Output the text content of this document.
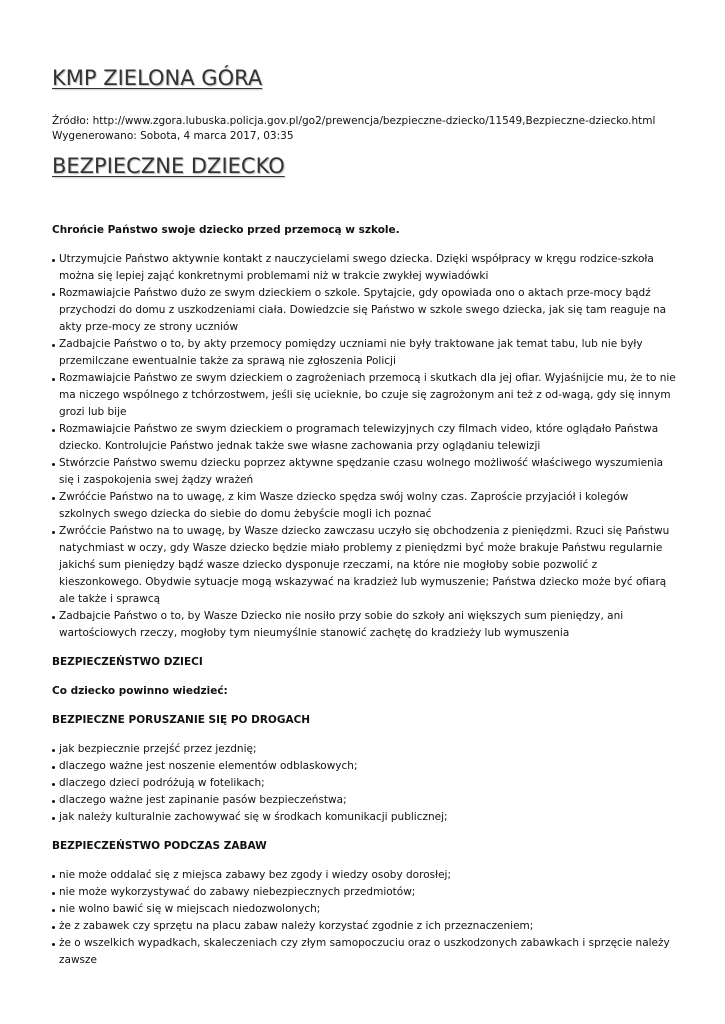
KMP ZIELONA GÓRA
Źródło: http://www.zgora.lubuska.policja.gov.pl/go2/prewencja/bezpieczne-dziecko/11549,Bezpieczne-dziecko.html
Wygenerowano: Sobota, 4 marca 2017, 03:35
BEZPIECZNE DZIECKO

Chrońcie Państwo swoje dziecko przed przemocą w szkole.

Utrzymujcie Państwo aktywnie kontakt z nauczycielami swego dziecka. Dzięki współpracy w kręgu rodzice-szkoła można się lepiej zająć konkretnymi problemami niż w trakcie zwykłej wywiadówki
Rozmawiajcie Państwo dużo ze swym dzieckiem o szkole. Spytajcie, gdy opowiada ono o aktach prze-mocy bądź przychodzi do domu z uszkodzeniami ciała. Dowiedzcie się Państwo w szkole swego dziecka, jak się tam reaguje na akty prze-mocy ze strony uczniów
Zadbajcie Państwo o to, by akty przemocy pomiędzy uczniami nie były traktowane jak temat tabu, lub nie były przemilczane ewentualnie także za sprawą nie zgłoszenia Policji
Rozmawiajcie Państwo ze swym dzieckiem o zagrożeniach przemocą i skutkach dla jej ofiar. Wyjaśnijcie mu, że to nie ma niczego wspólnego z tchórzostwem, jeśli się ucieknie, bo czuje się zagrożonym ani też z od-wagą, gdy się innym grozi lub bije
Rozmawiajcie Państwo ze swym dzieckiem o programach telewizyjnych czy filmach video, które oglądało Państwa dziecko. Kontrolujcie Państwo jednak także swe własne zachowania przy oglądaniu telewizji
Stwórzcie Państwo swemu dziecku poprzez aktywne spędzanie czasu wolnego możliwość właściwego wyszumienia się i zaspokojenia swej żądzy wrażeń
Zwróćcie Państwo na to uwagę, z kim Wasze dziecko spędza swój wolny czas. Zaproście przyjaciół i kolegów szkolnych swego dziecka do siebie do domu żebyście mogli ich poznać
Zwróćcie Państwo na to uwagę, by Wasze dziecko zawczasu uczyło się obchodzenia z pieniędzmi. Rzuci się Państwu natychmiast w oczy, gdy Wasze dziecko będzie miało problemy z pieniędzmi być może brakuje Państwu regularnie jakichś sum pieniędzy bądź wasze dziecko dysponuje rzeczami, na które nie mogłoby sobie pozwolić z kieszonkowego. Obydwie sytuacje mogą wskazywać na kradzież lub wymuszenie; Państwa dziecko może być ofiarą ale także i sprawcą
Zadbajcie Państwo o to, by Wasze Dziecko nie nosiło przy sobie do szkoły ani większych sum pieniędzy, ani wartościowych rzeczy, mogłoby tym nieumyślnie stanowić zachętę do kradzieży lub wymuszenia

BEZPIECZEŃSTWO DZIECI

Co dziecko powinno wiedzieć:

BEZPIECZNE PORUSZANIE SIĘ PO DROGACH

jak bezpiecznie przejść przez jezdnię;
dlaczego ważne jest noszenie elementów odblaskowych;
dlaczego dzieci podróżują w fotelikach;
dlaczego ważne jest zapinanie pasów bezpieczeństwa;
jak należy kulturalnie zachowywać się w środkach komunikacji publicznej;

BEZPIECZEŃSTWO PODCZAS ZABAW

nie może oddalać się z miejsca zabawy bez zgody i wiedzy osoby dorosłej;
nie może wykorzystywać do zabawy niebezpiecznych przedmiotów;
nie wolno bawić się w miejscach niedozwolonych;
że z zabawek czy sprzętu na placu zabaw należy korzystać zgodnie z ich przeznaczeniem;
że o wszelkich wypadkach, skaleczeniach czy złym samopoczuciu oraz o uszkodzonych zabawkach i sprzęcie należy zawsze
